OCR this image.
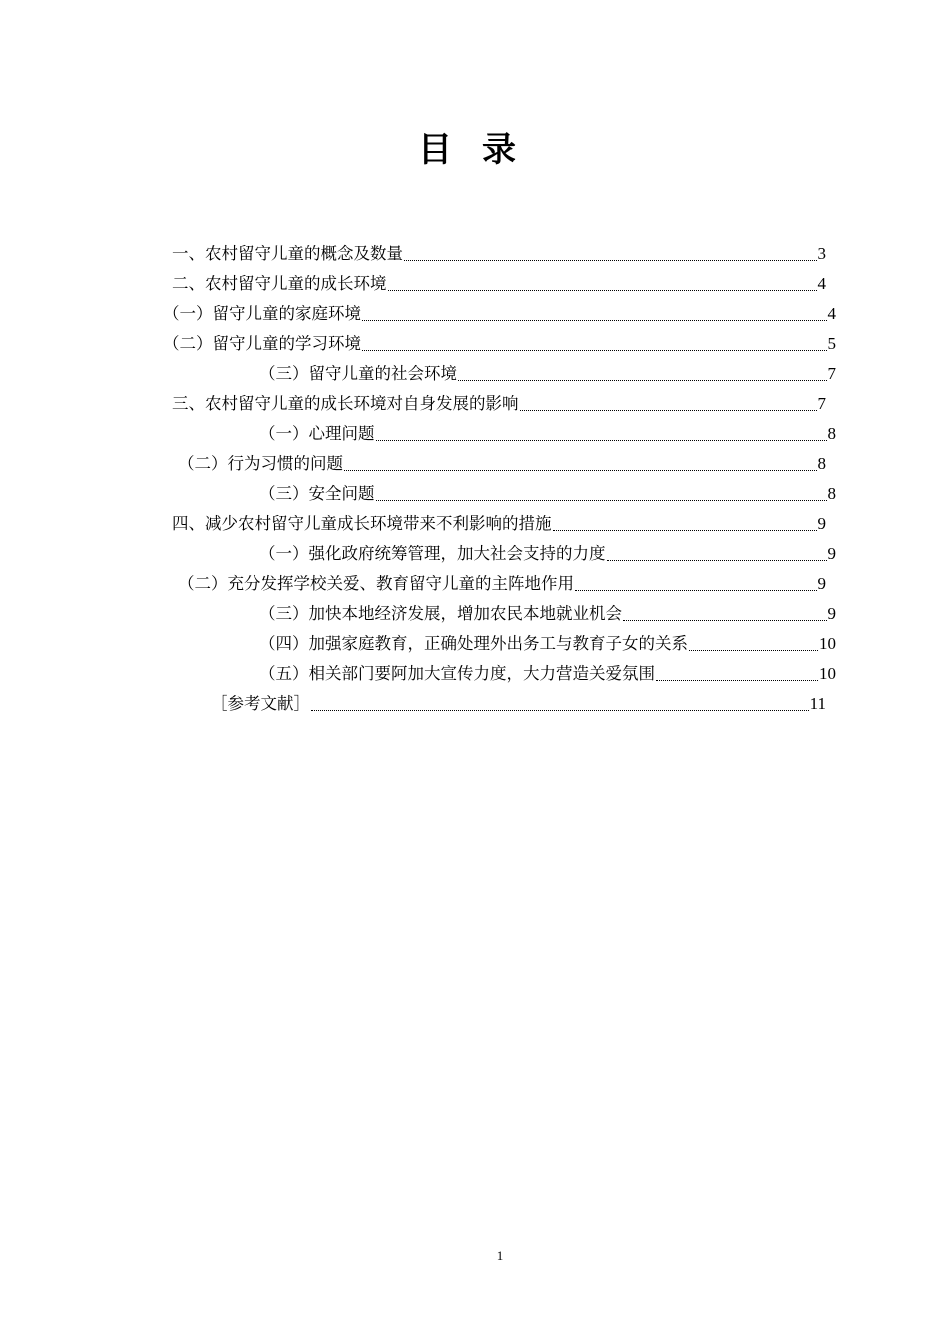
目录
一、农村留守儿童的概念及数量	3
二、农村留守儿童的成长环境	4
（一）留守儿童的家庭环境	4
（二）留守儿童的学习环境	5
（三）留守儿童的社会环境	7
三、农村留守儿童的成长环境对自身发展的影响	7
（一）心理问题	8
（二）行为习惯的问题	8
（三）安全问题	8
四、减少农村留守儿童成长环境带来不利影响的措施	9
（一）强化政府统筹管理，加大社会支持的力度	9
（二）充分发挥学校关爱、教育留守儿童的主阵地作用	9
（三）加快本地经济发展，增加农民本地就业机会	9
（四）加强家庭教育，正确处理外出务工与教育子女的关系	10
（五）相关部门要阿加大宣传力度，大力营造关爱氛围	10
［参考文献］	11
1
